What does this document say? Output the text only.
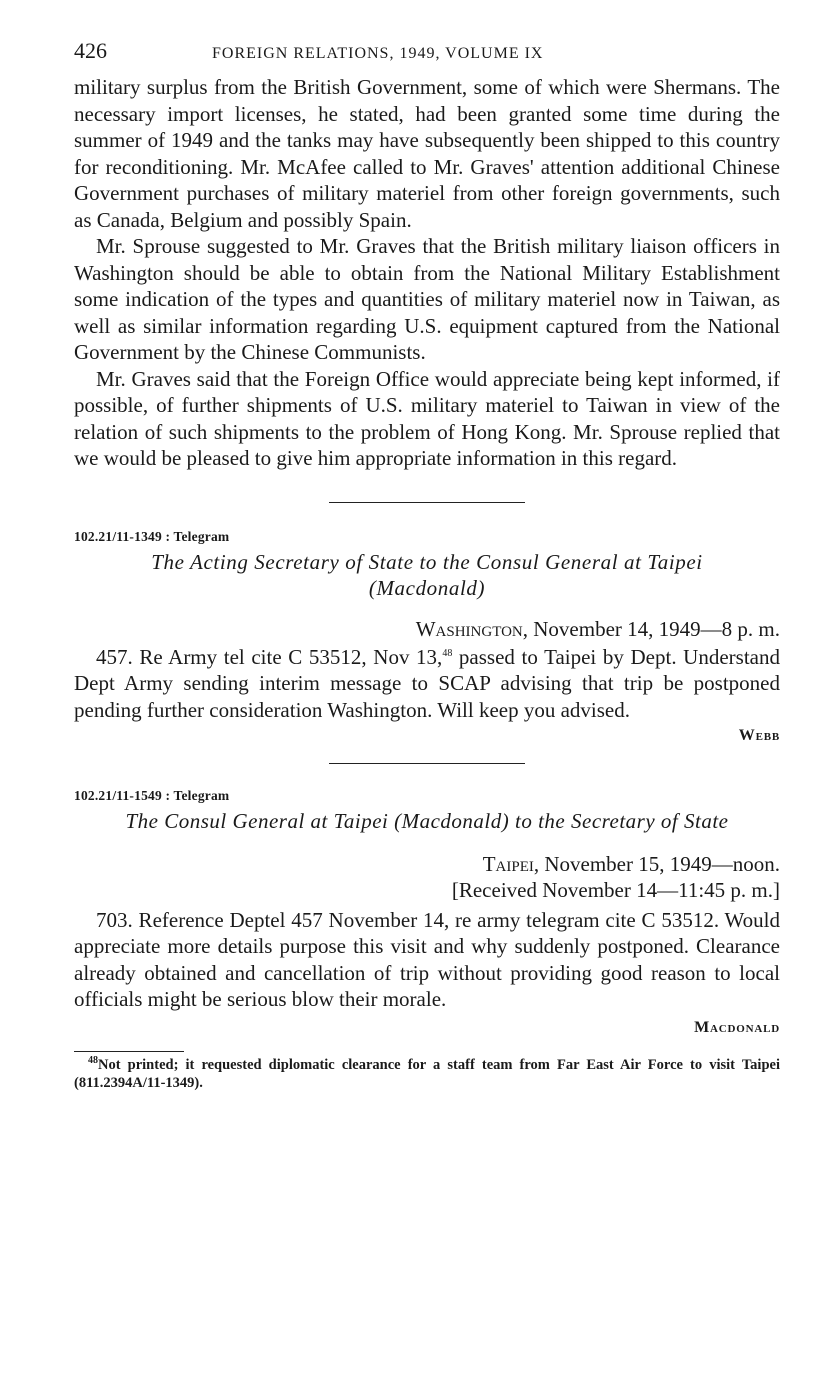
426	FOREIGN RELATIONS, 1949, VOLUME IX

military surplus from the British Government, some of which were Shermans. The necessary import licenses, he stated, had been granted some time during the summer of 1949 and the tanks may have subsequently been shipped to this country for reconditioning. Mr. McAfee called to Mr. Graves' attention additional Chinese Government purchases of military materiel from other foreign governments, such as Canada, Belgium and possibly Spain.

Mr. Sprouse suggested to Mr. Graves that the British military liaison officers in Washington should be able to obtain from the National Military Establishment some indication of the types and quantities of military materiel now in Taiwan, as well as similar information regarding U.S. equipment captured from the National Government by the Chinese Communists.

Mr. Graves said that the Foreign Office would appreciate being kept informed, if possible, of further shipments of U.S. military materiel to Taiwan in view of the relation of such shipments to the problem of Hong Kong. Mr. Sprouse replied that we would be pleased to give him appropriate information in this regard.

102.21/11-1349 : Telegram
The Acting Secretary of State to the Consul General at Taipei
(Macdonald)
Washington, November 14, 1949—8 p. m.

457. Re Army tel cite C 53512, Nov 13,48 passed to Taipei by Dept. Understand Dept Army sending interim message to SCAP advising that trip be postponed pending further consideration Washington. Will keep you advised.

Webb
102.21/11-1549 : Telegram
The Consul General at Taipei (Macdonald) to the Secretary of State
Taipei, November 15, 1949—noon.
[Received November 14—11:45 p. m.]

703. Reference Deptel 457 November 14, re army telegram cite C 53512. Would appreciate more details purpose this visit and why suddenly postponed. Clearance already obtained and cancellation of trip without providing good reason to local officials might be serious blow their morale.

Macdonald
$^{48}$Not printed; it requested diplomatic clearance for a staff team from Far East Air Force to visit Taipei (811.2394A/11-1349).
